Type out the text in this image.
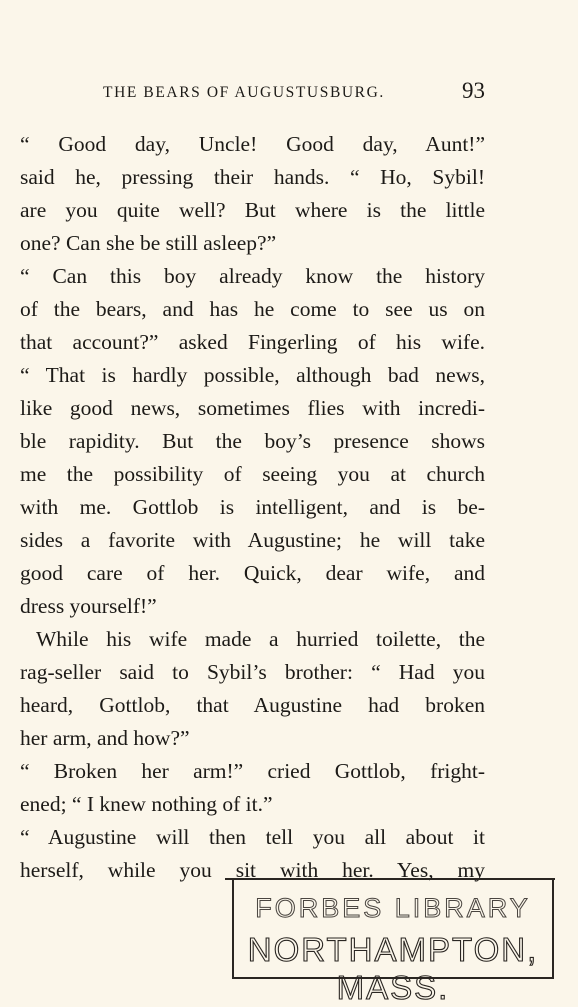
THE BEARS OF AUGUSTUSBURG.	93
“ Good day, Uncle! Good day, Aunt!”
said he, pressing their hands. “ Ho, Sybil!
are you quite well? But where is the little
one? Can she be still asleep?”
“ Can this boy already know the history
of the bears, and has he come to see us on
that account?” asked Fingerling of his wife.
“ That is hardly possible, although bad news,
like good news, sometimes flies with incredi-
ble rapidity. But the boy’s presence shows
me the possibility of seeing you at church
with me. Gottlob is intelligent, and is be-
sides a favorite with Augustine; he will take
good care of her. Quick, dear wife, and
dress yourself!”
While his wife made a hurried toilette, the
rag-seller said to Sybil’s brother: “ Had you
heard, Gottlob, that Augustine had broken
her arm, and how?”
“ Broken her arm!” cried Gottlob, fright-
ened; “ I knew nothing of it.”
“ Augustine will then tell you all about it
herself, while you sit with her. Yes, my
FORBES LIBRARY
NORTHAMPTON, MASS.
